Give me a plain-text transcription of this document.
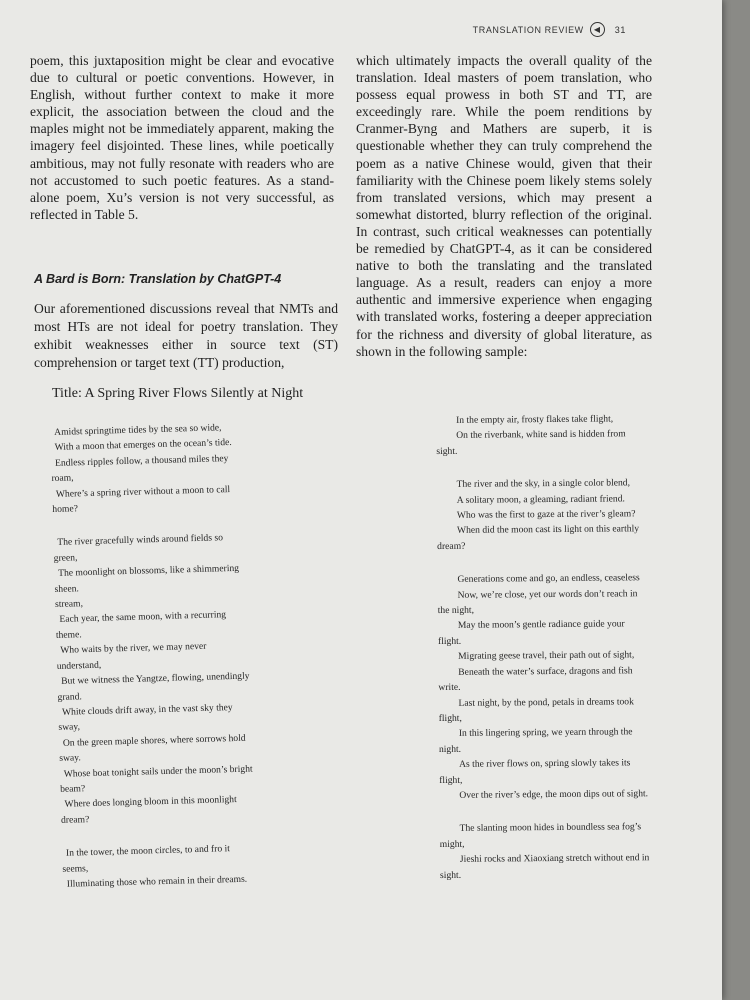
TRANSLATION REVIEW	◀	31

poem, this juxtaposition might be clear and evocative due to cultural or poetic conventions. However, in English, without further context to make it more explicit, the association between the cloud and the maples might not be immediately apparent, making the imagery feel disjointed. These lines, while poetically ambitious, may not fully resonate with readers who are not accustomed to such poetic features. As a stand-alone poem, Xu’s version is not very successful, as reflected in Table 5.

A Bard is Born: Translation by ChatGPT-4

Our aforementioned discussions reveal that NMTs and most HTs are not ideal for poetry translation. They exhibit weaknesses either in source text (ST) comprehension or target text (TT) production,

which ultimately impacts the overall quality of the translation. Ideal masters of poem translation, who possess equal prowess in both ST and TT, are exceedingly rare. While the poem renditions by Cranmer-Byng and Mathers are superb, it is questionable whether they can truly comprehend the poem as a native Chinese would, given that their familiarity with the Chinese poem likely stems solely from translated versions, which may present a somewhat distorted, blurry reflection of the original. In contrast, such critical weaknesses can potentially be remedied by ChatGPT-4, as it can be considered native to both the translating and the translated language. As a result, readers can enjoy a more authentic and immersive experience when engaging with translated works, fostering a deeper appreciation for the richness and diversity of global literature, as shown in the following sample:

Title: A Spring River Flows Silently at Night
Amidst springtime tides by the sea so wide,
With a moon that emerges on the ocean’s tide.
Endless ripples follow, a thousand miles they
roam,
Where’s a spring river without a moon to call
home?
The river gracefully winds around fields so
green,
The moonlight on blossoms, like a shimmering
sheen.
stream,
Each year, the same moon, with a recurring
theme.
Who waits by the river, we may never
understand,
But we witness the Yangtze, flowing, unendingly
grand.
White clouds drift away, in the vast sky they
sway,
On the green maple shores, where sorrows hold
sway.
Whose boat tonight sails under the moon’s bright
beam?
Where does longing bloom in this moonlight
dream?
In the tower, the moon circles, to and fro it
seems,
Illuminating those who remain in their dreams.
In the empty air, frosty flakes take flight,
On the riverbank, white sand is hidden from
sight.
The river and the sky, in a single color blend,
A solitary moon, a gleaming, radiant friend.
Who was the first to gaze at the river’s gleam?
When did the moon cast its light on this earthly
dream?
Generations come and go, an endless, ceaseless
Now, we’re close, yet our words don’t reach in
the night,
May the moon’s gentle radiance guide your
flight.
Migrating geese travel, their path out of sight,
Beneath the water’s surface, dragons and fish
write.
Last night, by the pond, petals in dreams took
flight,
In this lingering spring, we yearn through the
night.
As the river flows on, spring slowly takes its
flight,
Over the river’s edge, the moon dips out of sight.
The slanting moon hides in boundless sea fog’s
might,
Jieshi rocks and Xiaoxiang stretch without end in
sight.
